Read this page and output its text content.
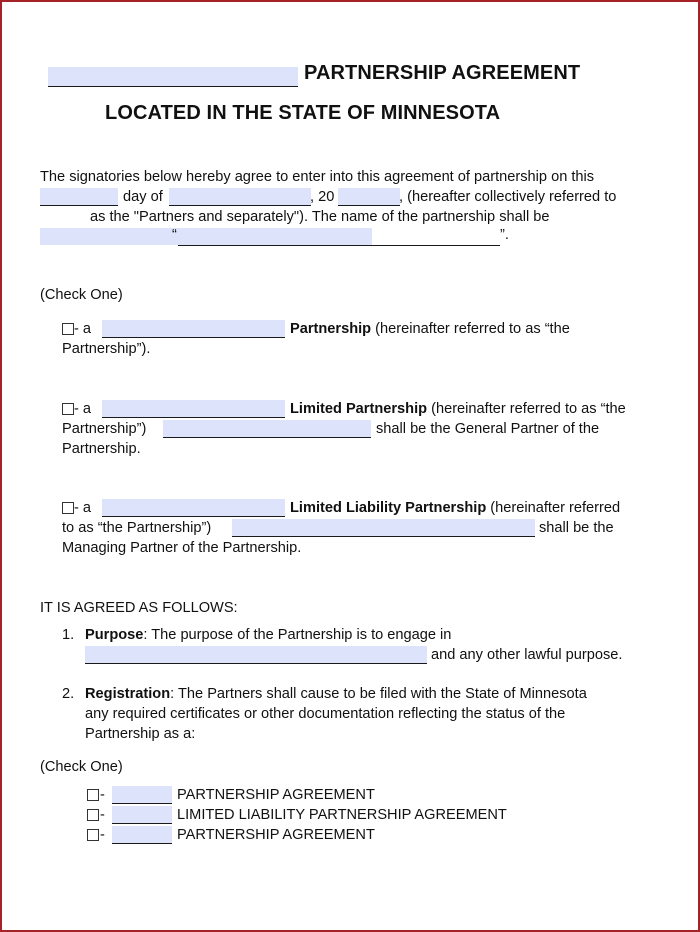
PARTNERSHIP AGREEMENT
LOCATED IN THE STATE OF MINNESOTA
The signatories below hereby agree to enter into this agreement of partnership on this
day of	, 20	, (hereafter collectively referred to
as the "Partners and separately"). The name of the partnership shall be
“	”.
(Check One)
- a	Partnership (hereinafter referred to as “the
Partnership”).
- a	Limited Partnership (hereinafter referred to as “the
Partnership”)	shall be the General Partner of the
Partnership.
- a	Limited Liability Partnership (hereinafter referred
to as “the Partnership”)	shall be the
Managing Partner of the Partnership.
IT IS AGREED AS FOLLOWS:
1. Purpose: The purpose of the Partnership is to engage in
and any other lawful purpose.
2. Registration: The Partners shall cause to be filed with the State of Minnesota
any required certificates or other documentation reflecting the status of the
Partnership as a:
(Check One)
-	PARTNERSHIP AGREEMENT
-	LIMITED LIABILITY PARTNERSHIP AGREEMENT
-	PARTNERSHIP AGREEMENT
